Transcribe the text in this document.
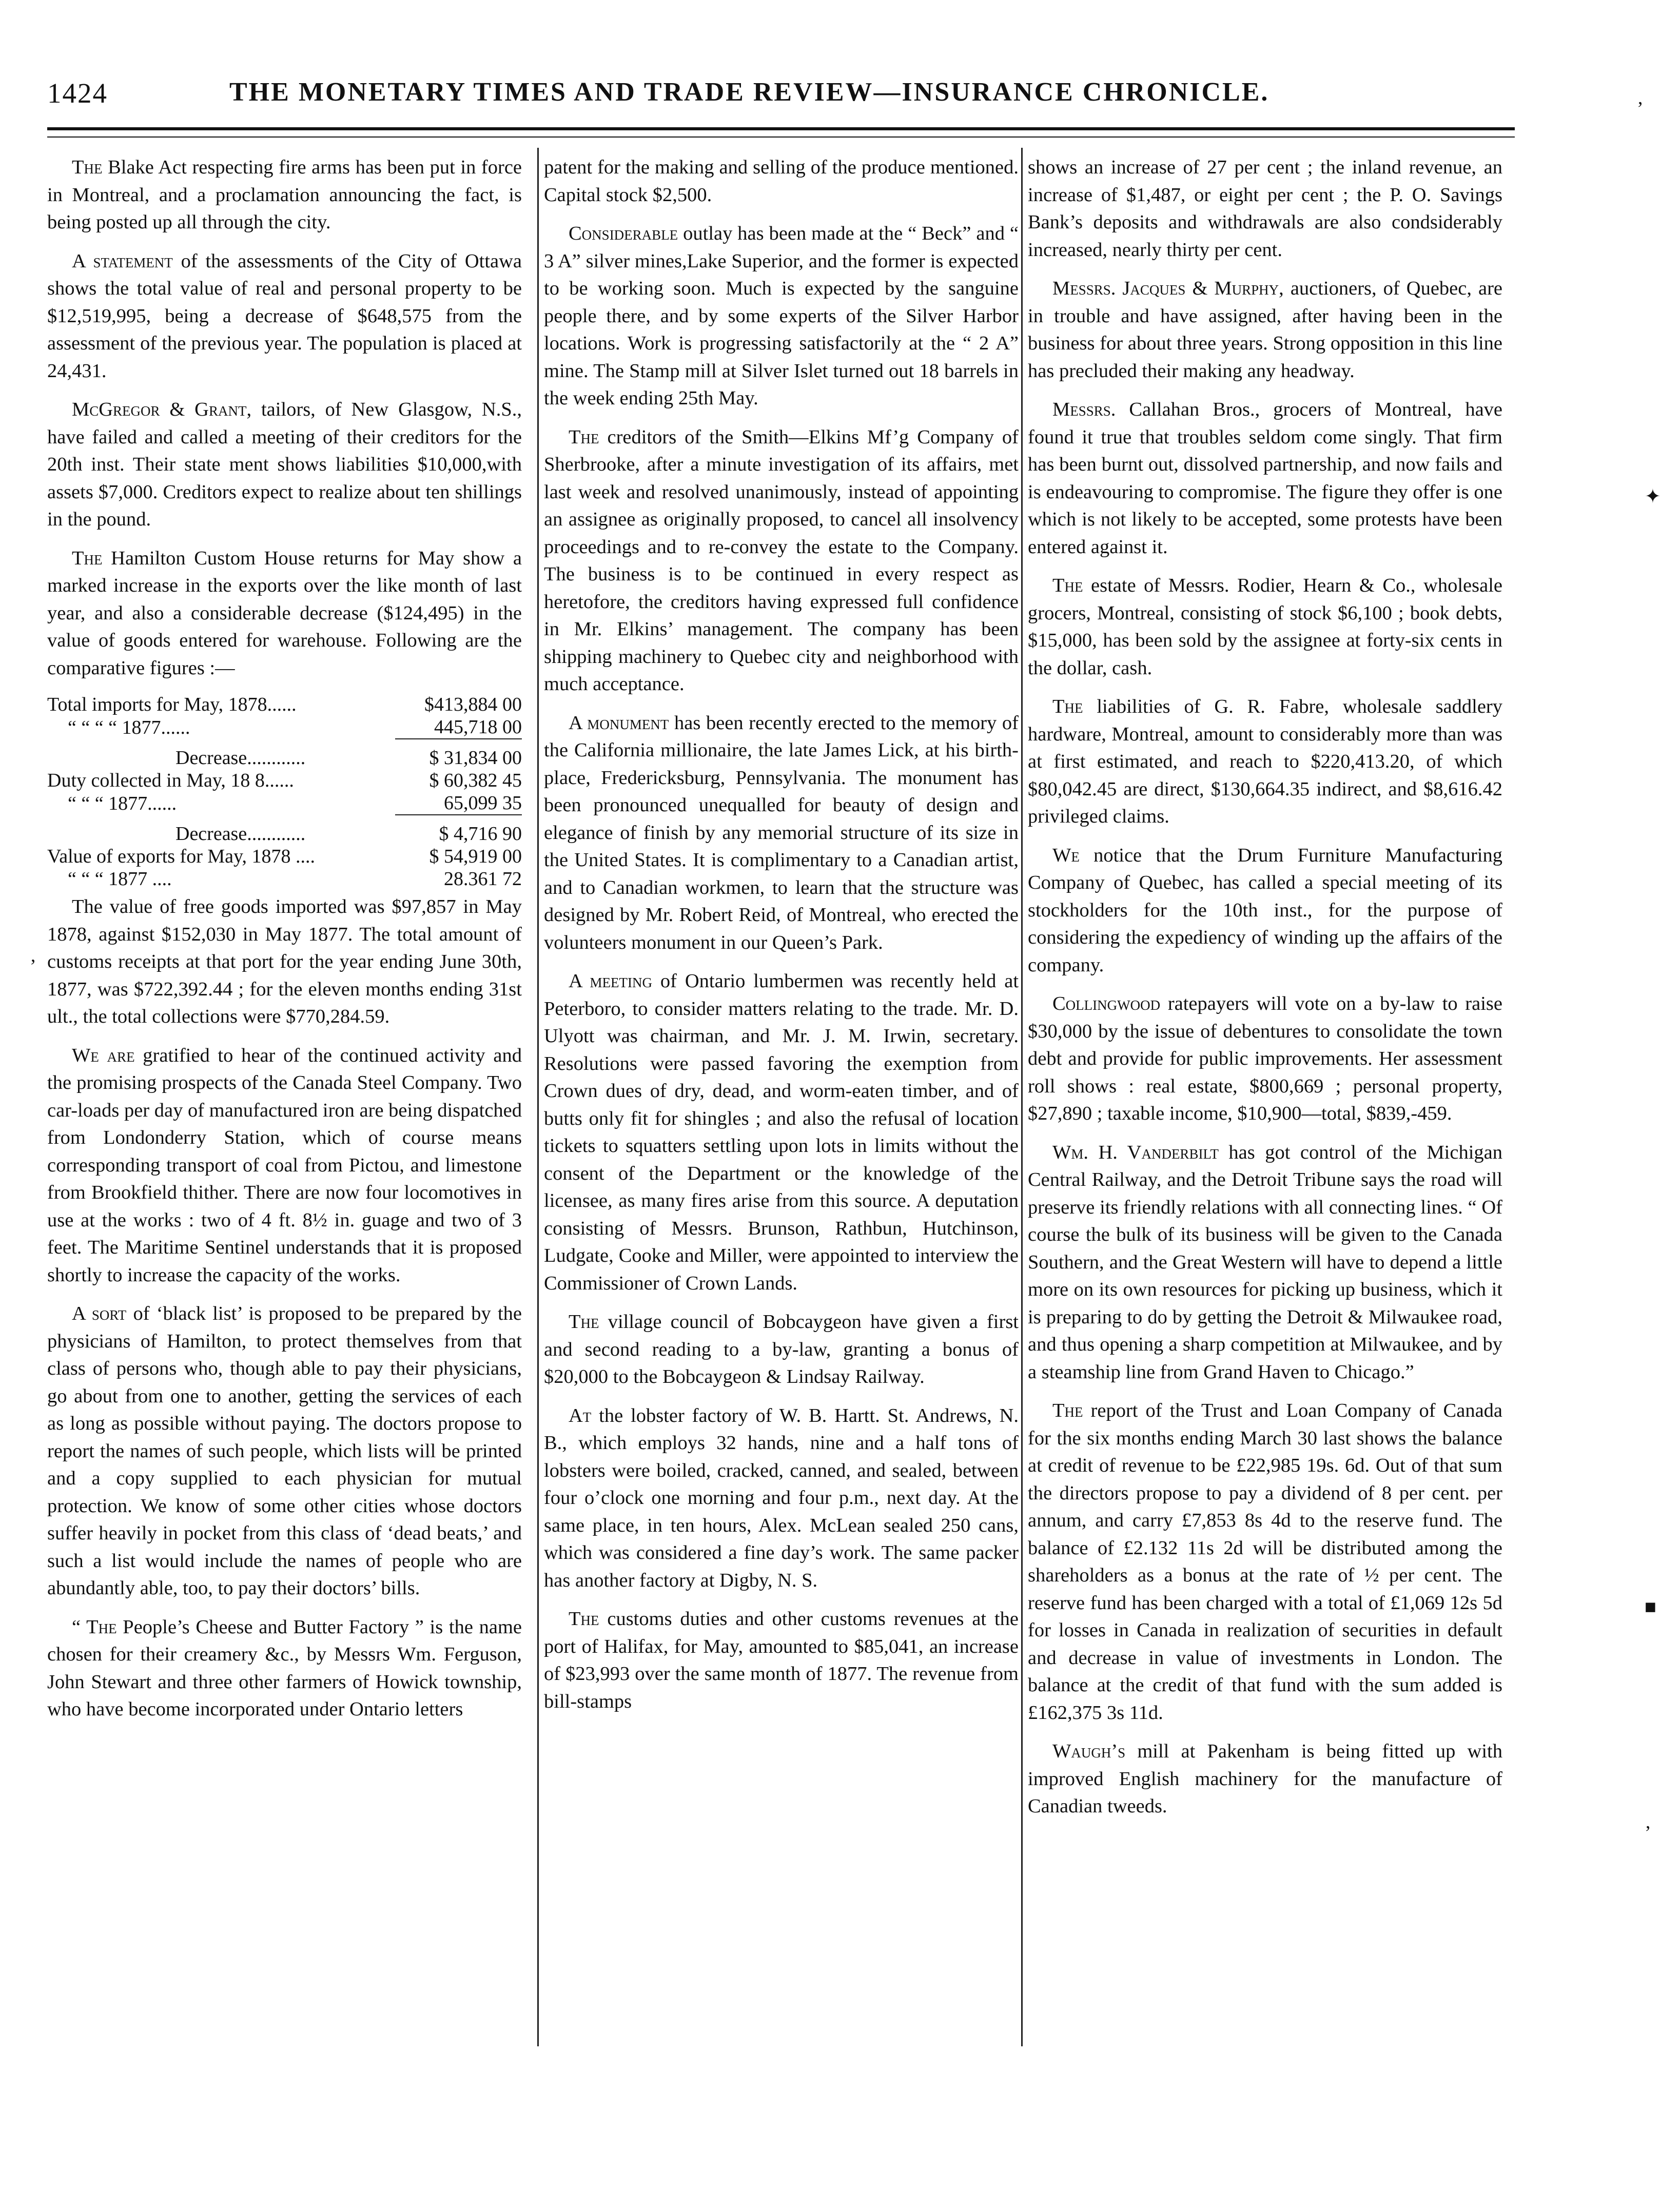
1424	THE MONETARY TIMES AND TRADE REVIEW—INSURANCE CHRONICLE.
’
✦
■
’
‚

The Blake Act respecting fire arms has been put in force in Montreal, and a proclamation announcing the fact, is being posted up all through the city.

A statement of the assessments of the City of Ottawa shows the total value of real and personal property to be $12,519,995, being a decrease of $648,575 from the assessment of the previous year. The population is placed at 24,431.

McGregor & Grant, tailors, of New Glasgow, N.S., have failed and called a meeting of their creditors for the 20th inst. Their state ment shows liabilities $10,000,with assets $7,000. Creditors expect to realize about ten shillings in the pound.

The Hamilton Custom House returns for May show a marked increase in the exports over the like month of last year, and also a considerable decrease ($124,495) in the value of goods entered for warehouse. Following are the comparative figures :—

Total imports for May, 1878......	$413,884 00
“ “ “ “ 1877......	445,718 00

Decrease............	$ 31,834 00
Duty collected in May, 18 8......	$ 60,382 45
“ “ “ 1877......	65,099 35

Decrease............	$ 4,716 90
Value of exports for May, 1878 ....	$ 54,919 00
“ “ “ 1877 ....	28.361 72

The value of free goods imported was $97,857 in May 1878, against $152,030 in May 1877. The total amount of customs receipts at that port for the year ending June 30th, 1877, was $722,392.44 ; for the eleven months ending 31st ult., the total collections were $770,284.59.

We are gratified to hear of the continued activity and the promising prospects of the Canada Steel Company. Two car-loads per day of manufactured iron are being dispatched from Londonderry Station, which of course means corresponding transport of coal from Pictou, and limestone from Brookfield thither. There are now four locomotives in use at the works : two of 4 ft. 8½ in. guage and two of 3 feet. The Maritime Sentinel understands that it is proposed shortly to increase the capacity of the works.

A sort of ‘black list’ is proposed to be prepared by the physicians of Hamilton, to protect themselves from that class of persons who, though able to pay their physicians, go about from one to another, getting the services of each as long as possible without paying. The doctors propose to report the names of such people, which lists will be printed and a copy supplied to each physician for mutual protection. We know of some other cities whose doctors suffer heavily in pocket from this class of ‘dead beats,’ and such a list would include the names of people who are abundantly able, too, to pay their doctors’ bills.

“ The People’s Cheese and Butter Factory ” is the name chosen for their creamery &c., by Messrs Wm. Ferguson, John Stewart and three other farmers of Howick township, who have become incorporated under Ontario letters

patent for the making and selling of the produce mentioned. Capital stock $2,500.

Considerable outlay has been made at the “ Beck” and “ 3 A” silver mines,Lake Superior, and the former is expected to be working soon. Much is expected by the sanguine people there, and by some experts of the Silver Harbor locations. Work is progressing satisfactorily at the “ 2 A” mine. The Stamp mill at Silver Islet turned out 18 barrels in the week ending 25th May.

The creditors of the Smith—Elkins Mf’g Company of Sherbrooke, after a minute investigation of its affairs, met last week and resolved unanimously, instead of appointing an assignee as originally proposed, to cancel all insolvency proceedings and to re-convey the estate to the Company. The business is to be continued in every respect as heretofore, the creditors having expressed full confidence in Mr. Elkins’ management. The company has been shipping machinery to Quebec city and neighborhood with much acceptance.

A monument has been recently erected to the memory of the California millionaire, the late James Lick, at his birth-place, Fredericksburg, Pennsylvania. The monument has been pronounced unequalled for beauty of design and elegance of finish by any memorial structure of its size in the United States. It is complimentary to a Canadian artist, and to Canadian workmen, to learn that the structure was designed by Mr. Robert Reid, of Montreal, who erected the volunteers monument in our Queen’s Park.

A meeting of Ontario lumbermen was recently held at Peterboro, to consider matters relating to the trade. Mr. D. Ulyott was chairman, and Mr. J. M. Irwin, secretary. Resolutions were passed favoring the exemption from Crown dues of dry, dead, and worm-eaten timber, and of butts only fit for shingles ; and also the refusal of location tickets to squatters settling upon lots in limits without the consent of the Department or the knowledge of the licensee, as many fires arise from this source. A deputation consisting of Messrs. Brunson, Rathbun, Hutchinson, Ludgate, Cooke and Miller, were appointed to interview the Commissioner of Crown Lands.

The village council of Bobcaygeon have given a first and second reading to a by-law, granting a bonus of $20,000 to the Bobcaygeon & Lindsay Railway.

At the lobster factory of W. B. Hartt. St. Andrews, N. B., which employs 32 hands, nine and a half tons of lobsters were boiled, cracked, canned, and sealed, between four o’clock one morning and four p.m., next day. At the same place, in ten hours, Alex. McLean sealed 250 cans, which was considered a fine day’s work. The same packer has another factory at Digby, N. S.

The customs duties and other customs revenues at the port of Halifax, for May, amounted to $85,041, an increase of $23,993 over the same month of 1877. The revenue from bill-stamps

shows an increase of 27 per cent ; the inland revenue, an increase of $1,487, or eight per cent ; the P. O. Savings Bank’s deposits and withdrawals are also condsiderably increased, nearly thirty per cent.

Messrs. Jacques & Murphy, auctioners, of Quebec, are in trouble and have assigned, after having been in the business for about three years. Strong opposition in this line has precluded their making any headway.

Messrs. Callahan Bros., grocers of Montreal, have found it true that troubles seldom come singly. That firm has been burnt out, dissolved partnership, and now fails and is endeavouring to compromise. The figure they offer is one which is not likely to be accepted, some protests have been entered against it.

The estate of Messrs. Rodier, Hearn & Co., wholesale grocers, Montreal, consisting of stock $6,100 ; book debts, $15,000, has been sold by the assignee at forty-six cents in the dollar, cash.

The liabilities of G. R. Fabre, wholesale saddlery hardware, Montreal, amount to considerably more than was at first estimated, and reach to $220,413.20, of which $80,042.45 are direct, $130,664.35 indirect, and $8,616.42 privileged claims.

We notice that the Drum Furniture Manufacturing Company of Quebec, has called a special meeting of its stockholders for the 10th inst., for the purpose of considering the expediency of winding up the affairs of the company.

Collingwood ratepayers will vote on a by-law to raise $30,000 by the issue of debentures to consolidate the town debt and provide for public improvements. Her assessment roll shows : real estate, $800,669 ; personal property, $27,890 ; taxable income, $10,900—total, $839,-459.

Wm. H. Vanderbilt has got control of the Michigan Central Railway, and the Detroit Tribune says the road will preserve its friendly relations with all connecting lines. “ Of course the bulk of its business will be given to the Canada Southern, and the Great Western will have to depend a little more on its own resources for picking up business, which it is preparing to do by getting the Detroit & Milwaukee road, and thus opening a sharp competition at Milwaukee, and by a steamship line from Grand Haven to Chicago.”

The report of the Trust and Loan Company of Canada for the six months ending March 30 last shows the balance at credit of revenue to be £22,985 19s. 6d. Out of that sum the directors propose to pay a dividend of 8 per cent. per annum, and carry £7,853 8s 4d to the reserve fund. The balance of £2.132 11s 2d will be distributed among the shareholders as a bonus at the rate of ½ per cent. The reserve fund has been charged with a total of £1,069 12s 5d for losses in Canada in realization of securities in default and decrease in value of investments in London. The balance at the credit of that fund with the sum added is £162,375 3s 11d.

Waugh’s mill at Pakenham is being fitted up with improved English machinery for the manufacture of Canadian tweeds.
